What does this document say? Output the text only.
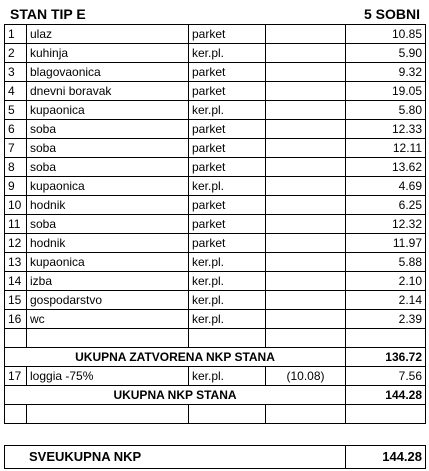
STAN TIP E	5 SOBNI
1	ulaz	parket		10.85
2	kuhinja	ker.pl.		5.90
3	blagovaonica	parket		9.32
4	dnevni boravak	parket		19.05
5	kupaonica	ker.pl.		5.80
6	soba	parket		12.33
7	soba	parket		12.11
8	soba	parket		13.62
9	kupaonica	ker.pl.		4.69
10	hodnik	parket		6.25
11	soba	parket		12.32
12	hodnik	parket		11.97
13	kupaonica	ker.pl.		5.88
14	izba	ker.pl.		2.10
15	gospodarstvo	ker.pl.		2.14
16	wc	ker.pl.		2.39

UKUPNA ZATVORENA NKP STANA				136.72
17	loggia -75%	ker.pl.	(10.08)	7.56
UKUPNA NKP STANA				144.28

SVEUKUPNA NKP	144.28
